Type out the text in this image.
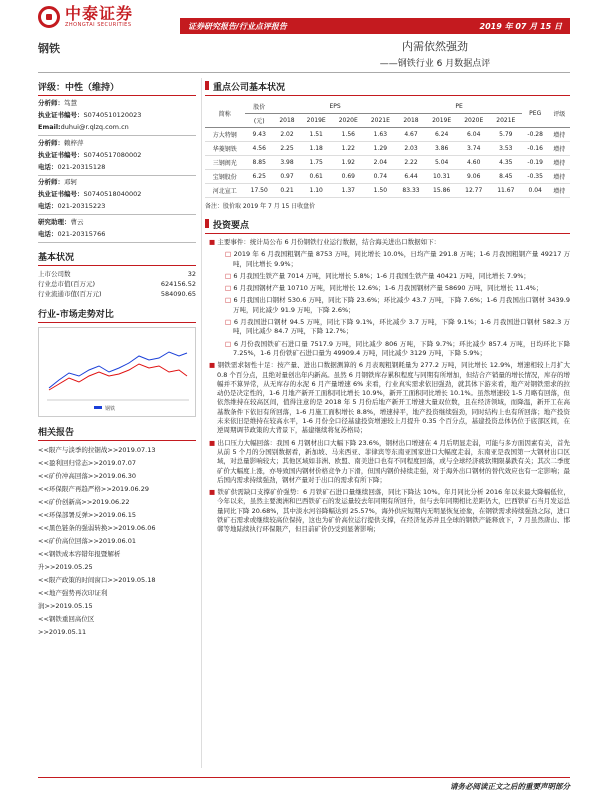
中泰证券
ZHONGTAI SECURITIES	证券研究报告/行业点评报告	2019 年 07 月 15 日
钢铁	内需依然强劲
——钢铁行业 6 月数据点评
评级：中性（维持）
分析师：笃慧
执业证书编号：S0740510120023
Email:duhui@r.qlzq.com.cn
分析师：赖梓萍
执业证书编号：S0740517080002
电话：021-20315128
分析师：邓轲
执业证书编号：S0740518040002
电话：021-20315223
研究助理：曹云
电话：021-20315766
基本状况
上市公司数	32
行业总市值(百万元)	624156.52
行业流通市值(百万元)	584090.65
行业-市场走势对比
钢铁
相关报告
<<限产与淡季的拉锯战>>2019.07.13
<<盈利回归常态>>2019.07.07
<<矿价冲高回落>>2019.06.30
<<环保限产再趋严格>>2019.06.29
<<矿价创新高>>2019.06.22
<<环保部署反弹>>2019.06.15
<<黑色链条的强弱转换>>2019.06.06
<<矿价高位回落>>2019.06.01
<<钢铁成本容错年报暨解析
升>>2019.05.25
<<限产政策的时间窗口>>2019.05.18
<<地产强势再次印证利
润>>2019.05.15
<<钢铁重回高位区
>>2019.05.11
重点公司基本状况
简称	股价	EPS				PE				PEG	评级
	(元)	2018	2019E	2020E	2021E	2018	2019E	2020E	2021E		
方大特钢	9.43	2.02	1.51	1.56	1.63	4.67	6.24	6.04	5.79	-0.28	增持
华菱钢铁	4.56	2.25	1.18	1.22	1.29	2.03	3.86	3.74	3.53	-0.16	增持
三钢闽光	8.85	3.98	1.75	1.92	2.04	2.22	5.04	4.60	4.35	-0.19	增持
宝钢股份	6.25	0.97	0.61	0.69	0.74	6.44	10.31	9.06	8.45	-0.35	增持
河北宣工	17.50	0.21	1.10	1.37	1.50	83.33	15.86	12.77	11.67	0.04	增持
备注：股价取 2019 年 7 月 15 日收盘价
投资要点
■ 主要事件：统计局公布 6 月份钢铁行业运行数据，结合海关进出口数据如下：
□ 2019 年 6 月我国粗钢产量 8753 万吨，同比增长 10.0%，日均产量 291.8 万吨；1-6 月我国粗钢产量 49217 万吨，同比增长 9.9%；
□ 6 月我国生铁产量 7014 万吨，同比增长 5.8%；1-6 月我国生铁产量 40421 万吨，同比增长 7.9%；
□ 6 月我国钢材产量 10710 万吨，同比增长 12.6%；1-6 月我国钢材产量 58690 万吨，同比增长 11.4%；
□ 6 月我国出口钢材 530.6 万吨，同比下降 23.6%；环比减少 43.7 万吨，下降 7.6%；1-6 月我国出口钢材 3439.9 万吨，同比减少 91.9 万吨，下降 2.6%；
□ 6 月我国进口钢材 94.5 万吨，同比下降 9.1%，环比减少 3.7 万吨，下降 9.1%；1-6 月我国进口钢材 582.3 万吨，同比减少 84.7 万吨，下降 12.7%；
□ 6 月份我国铁矿石进口量 7517.9 万吨，同比减少 806 万吨，下降 9.7%；环比减少 857.4 万吨，日均环比下降 7.25%，1-6 月份铁矿石进口量为 49909.4 万吨，同比减少 3129 万吨，下降 5.9%；
■ 钢铁需求韧性十足：按产量、进出口数据测算的 6 月表观粗钢耗量为 277.2 万吨，同比增长 12.9%，增速相较上月扩大 0.8 个百分点，且绝对量创出年内新高。虽然 6 月钢铁库存累积程度与同期有所增加，但结合产销量的增长情况，库存的增幅并不算异常，从无库存的水泥 6 月产量增速 6% 来看，行业真实需求依旧强劲，就其体下游来看，地产对钢铁需求的拉动仍是决定性的，1-6 月地产新开工面积同比增长 10.9%，新开工面积同比增长 10.1%。虽然增速较 1-5 月略有回落，但依然维持在较高区间，值得注意的是 2018 年 5 月份后地产新开工增速大量双位数，且在经济领域，而降温，新开工在高基数条件下依旧有所回落，1-6 月施工面积增长 8.8%，增速持平，地产投资继续强劲，同时结构上也有所回落；地产投资未来依旧是维持在较高水平，1-6 月份全口径基建投资增速较上月提升 0.35 个百分点，基建投资总体仍位于底部区间，在逆周期调节政策的大背景下，基建继续将复苏格局；
■ 出口压力大幅回落：我国 6 月钢材出口大幅下降 23.6%，钢材出口增速在 4 月后明显走弱，可能与多方面因素有关，首先从前 5 个月的分国别数据看，新加坡、马来西亚、菲律宾等东南亚国家进口大幅度走弱，东南亚是我国第一大钢材出口区域，对总量影响较大；其他区域如非洲、欧盟、南美进口也有不同程度回落，或与全球经济疲软期限暴跌有关；其次二季度矿价大幅度上涨，亦导致国内钢材价格竞争力下滑，但国内钢价持续走强，对于海外出口钢材的替代效应也有一定影响；最后国内需求持续强劲，钢材产量对于出口的需求有所下降；
■ 铁矿供需缺口支撑矿价强势：6 月铁矿石进口量继续回落，同比下降达 10%。年月同比分析 2016 年以来最大降幅低位，今年以来，虽然主要澳洲和巴西铁矿石的发运量较去年同期有所回升，但与去年同期相比差距仍大，巴西铁矿石当月发运总量同比下降 20.68%，其中淡水河谷降幅达到 25.57%，海外供应短期内无明显恢复迹象，在钢铁需求持续强劲之际，进口铁矿石需求或继续较高位保持，这也为矿价高位运行提供支撑，在经济复苏并且全球的钢铁产能释放下，7 月虽然唐山、邯郸等地陆续执行环保限产，但目前矿价仍受到显著影响；
请务必阅读正文之后的重要声明部分
